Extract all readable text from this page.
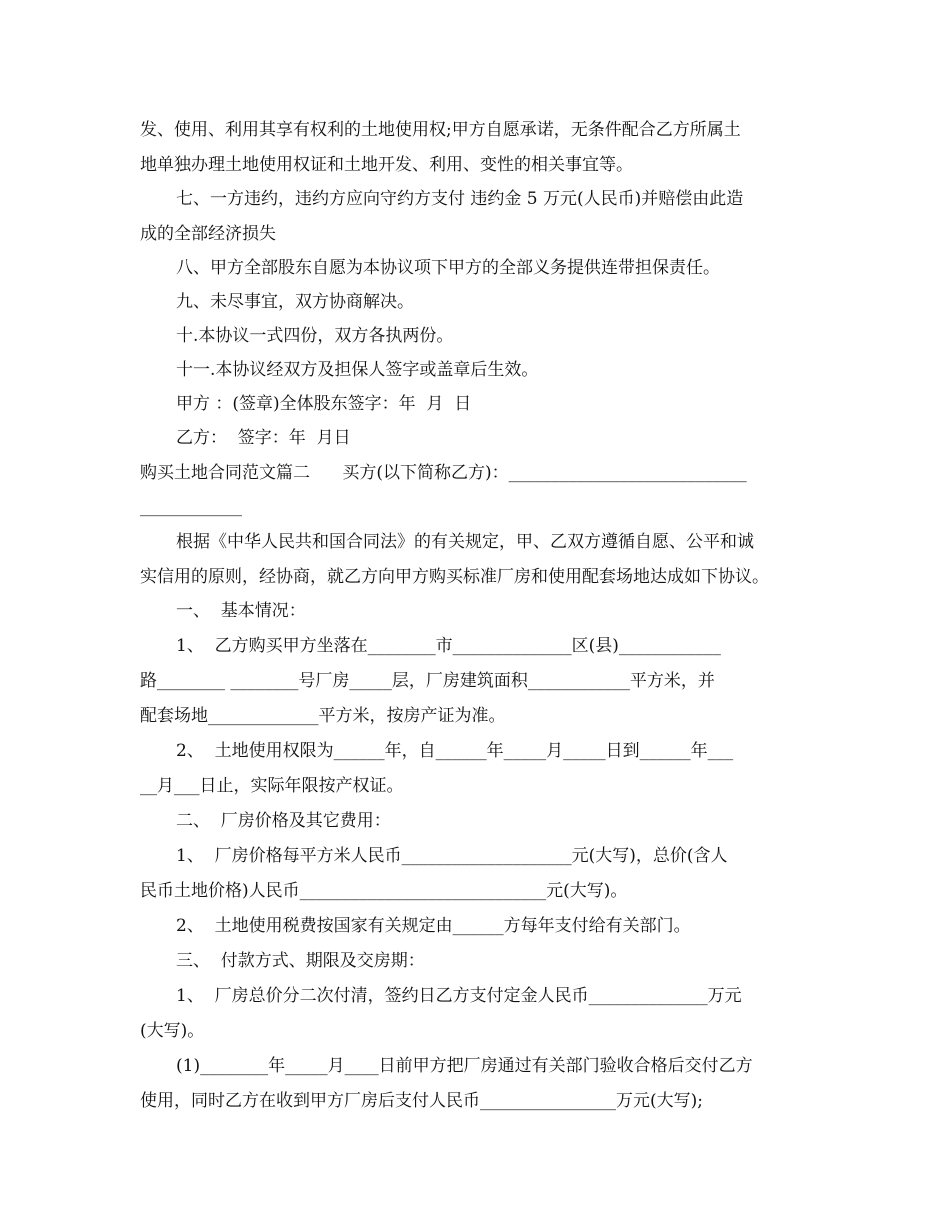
发、使用、利用其享有权利的土地使用权;甲方自愿承诺，无条件配合乙方所属土
地单独办理土地使用权证和土地开发、利用、变性的相关事宜等。
七、一方违约，违约方应向守约方支付 违约金 5 万元(人民币)并赔偿由此造
成的全部经济损失
八、甲方全部股东自愿为本协议项下甲方的全部义务提供连带担保责任。
九、未尽事宜，双方协商解决。
十.本协议一式四份，双方各执两份。
十一.本协议经双方及担保人签字或盖章后生效。
甲方 ：(签章)全体股东签字：年  月  日
乙方：  签字：年  月日
购买土地合同范文篇二      买方(以下简称乙方)：____________________________
____________
根据《中华人民共和国合同法》的有关规定，甲、乙双方遵循自愿、公平和诚
实信用的原则，经协商，就乙方向甲方购买标准厂房和使用配套场地达成如下协议。
一、  基本情况：
1、  乙方购买甲方坐落在________市______________区(县)____________
路________ ________号厂房_____层，厂房建筑面积____________平方米，并
配套场地_____________平方米，按房产证为准。
2、  土地使用权限为______年，自______年_____月_____日到______年___
__月___日止，实际年限按产权证。
二、  厂房价格及其它费用：
1、  厂房价格每平方米人民币____________________元(大写)，总价(含人
民币土地价格)人民币_____________________________元(大写)。
2、  土地使用税费按国家有关规定由______方每年支付给有关部门。
三、  付款方式、期限及交房期：
1、  厂房总价分二次付清，签约日乙方支付定金人民币______________万元
(大写)。
(1)________年_____月____日前甲方把厂房通过有关部门验收合格后交付乙方
使用，同时乙方在收到甲方厂房后支付人民币________________万元(大写);
